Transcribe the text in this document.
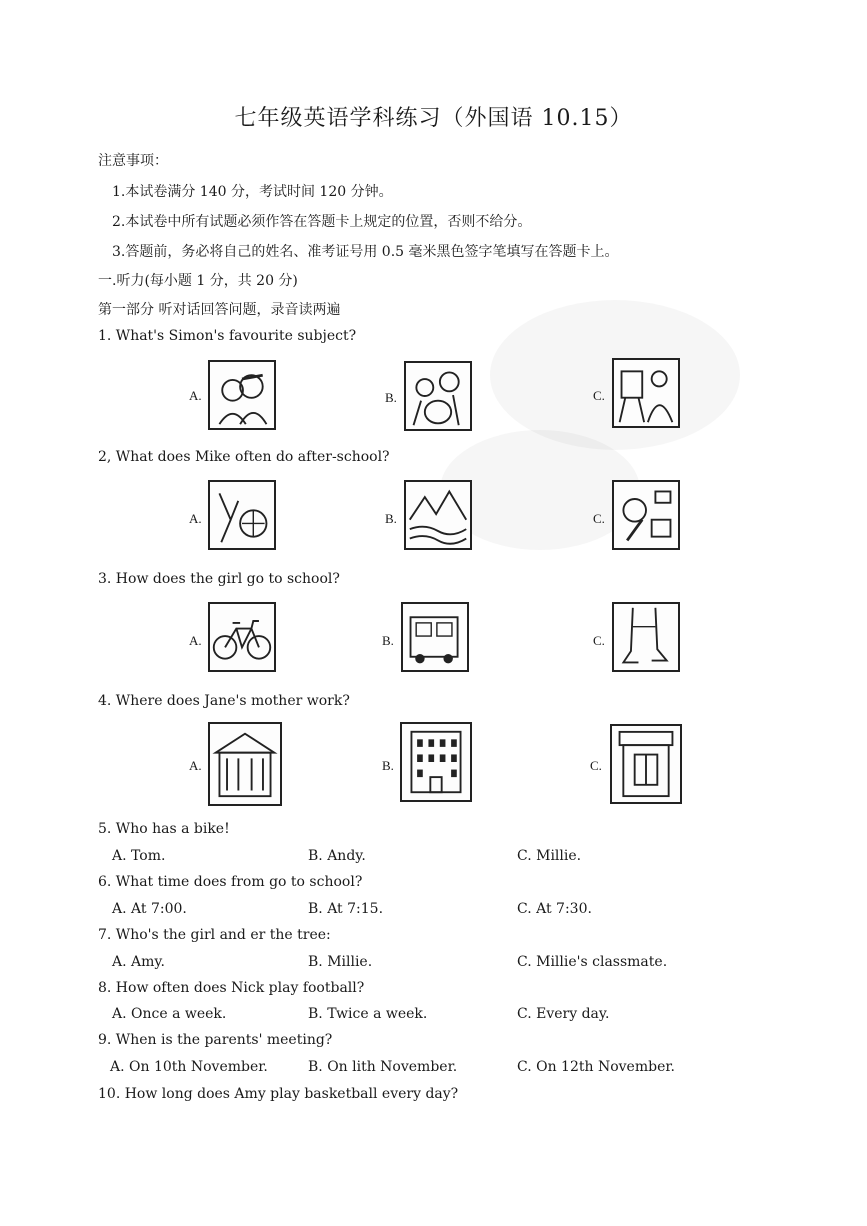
七年级英语学科练习（外国语 10.15）
注意事项：
1.本试卷满分 140 分，考试时间 120 分钟。
2.本试卷中所有试题必须作答在答题卡上规定的位置，否则不给分。
3.答题前，务必将自己的姓名、准考证号用 0.5 毫米黑色签字笔填写在答题卡上。
一.听力(每小题 1 分，共 20 分)
第一部分 听对话回答问题，录音读两遍
1. What's Simon's favourite subject?
A.	B.	C.
2, What does Mike often do after-school?
A.	B.	C.
3. How does the girl go to school?
A.	B.	C.
4. Where does Jane's mother work?
A.	B.	C.
5. Who has a bike!
A. Tom.	B. Andy.	C. Millie.
6. What time does from go to school?
A. At 7:00.	B. At 7:15.	C. At 7:30.
7. Who's the girl and er the tree:
A. Amy.	B. Millie.	C. Millie's classmate.
8. How often does Nick play football?
A. Once a week.	B. Twice a week.	C. Every day.
9. When is the parents' meeting?
A. On 10th November.	B. On lith November.	C. On 12th November.
10. How long does Amy play basketball every day?
